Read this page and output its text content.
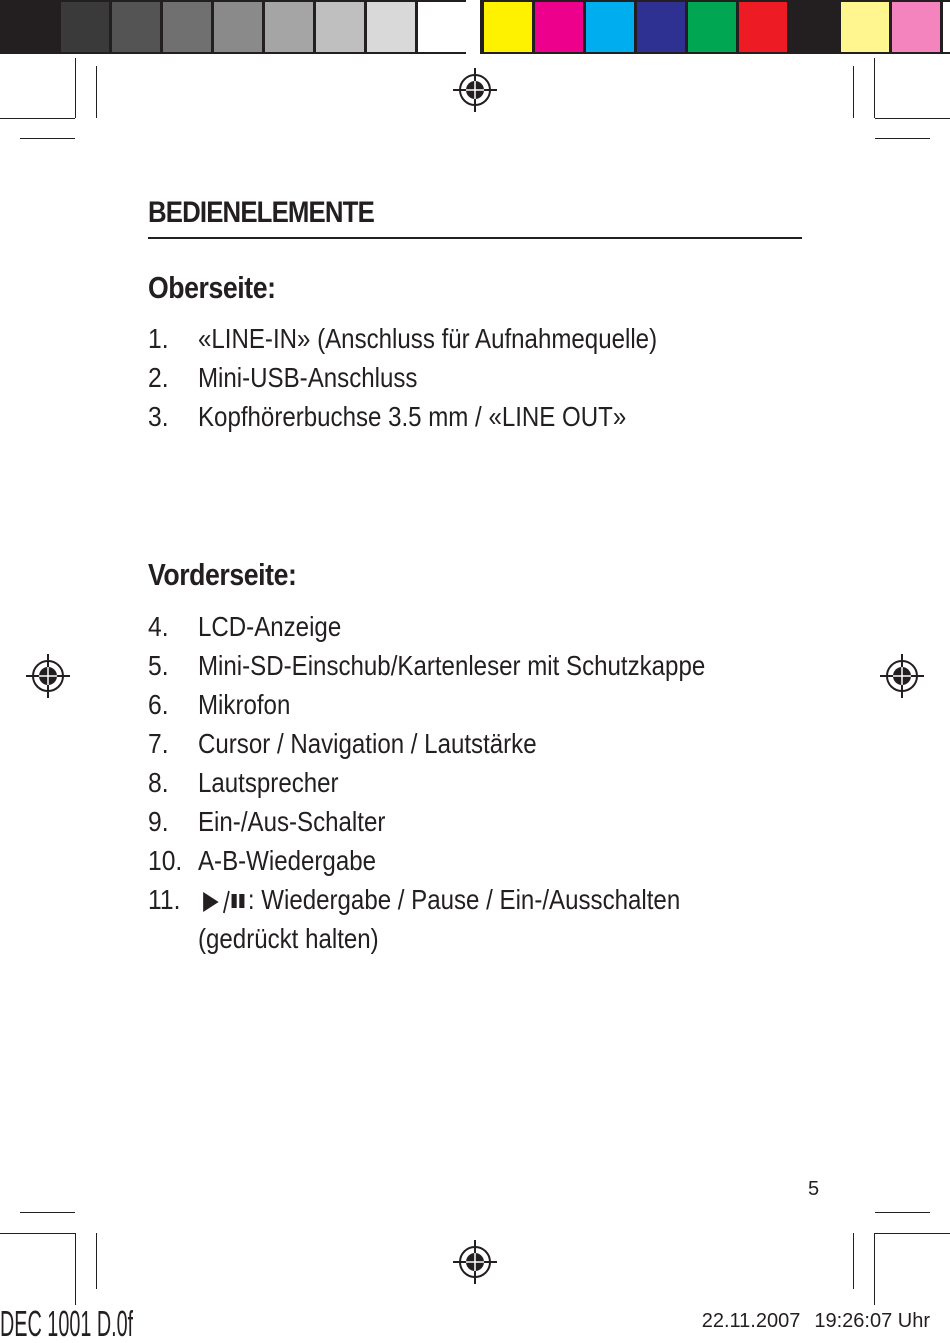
BEDIENELEMENTE
Oberseite:
1. «LINE-IN» (Anschluss für Aufnahmequelle)
2. Mini-USB-Anschluss
3. Kopfhörerbuchse 3.5 mm / «LINE OUT»
Vorderseite:
4. LCD-Anzeige
5. Mini-SD-Einschub/Kartenleser mit Schutzkappe
6. Mikrofon
7. Cursor / Navigation / Lautstärke
8. Lautsprecher
9. Ein-/Aus-Schalter
10. A-B-Wiedergabe
11.	: Wiedergabe / Pause / Ein-/Ausschalten
(gedrückt halten)
5
DEC 1001 D.0f	22.11.2007 19:26:07 Uhr
